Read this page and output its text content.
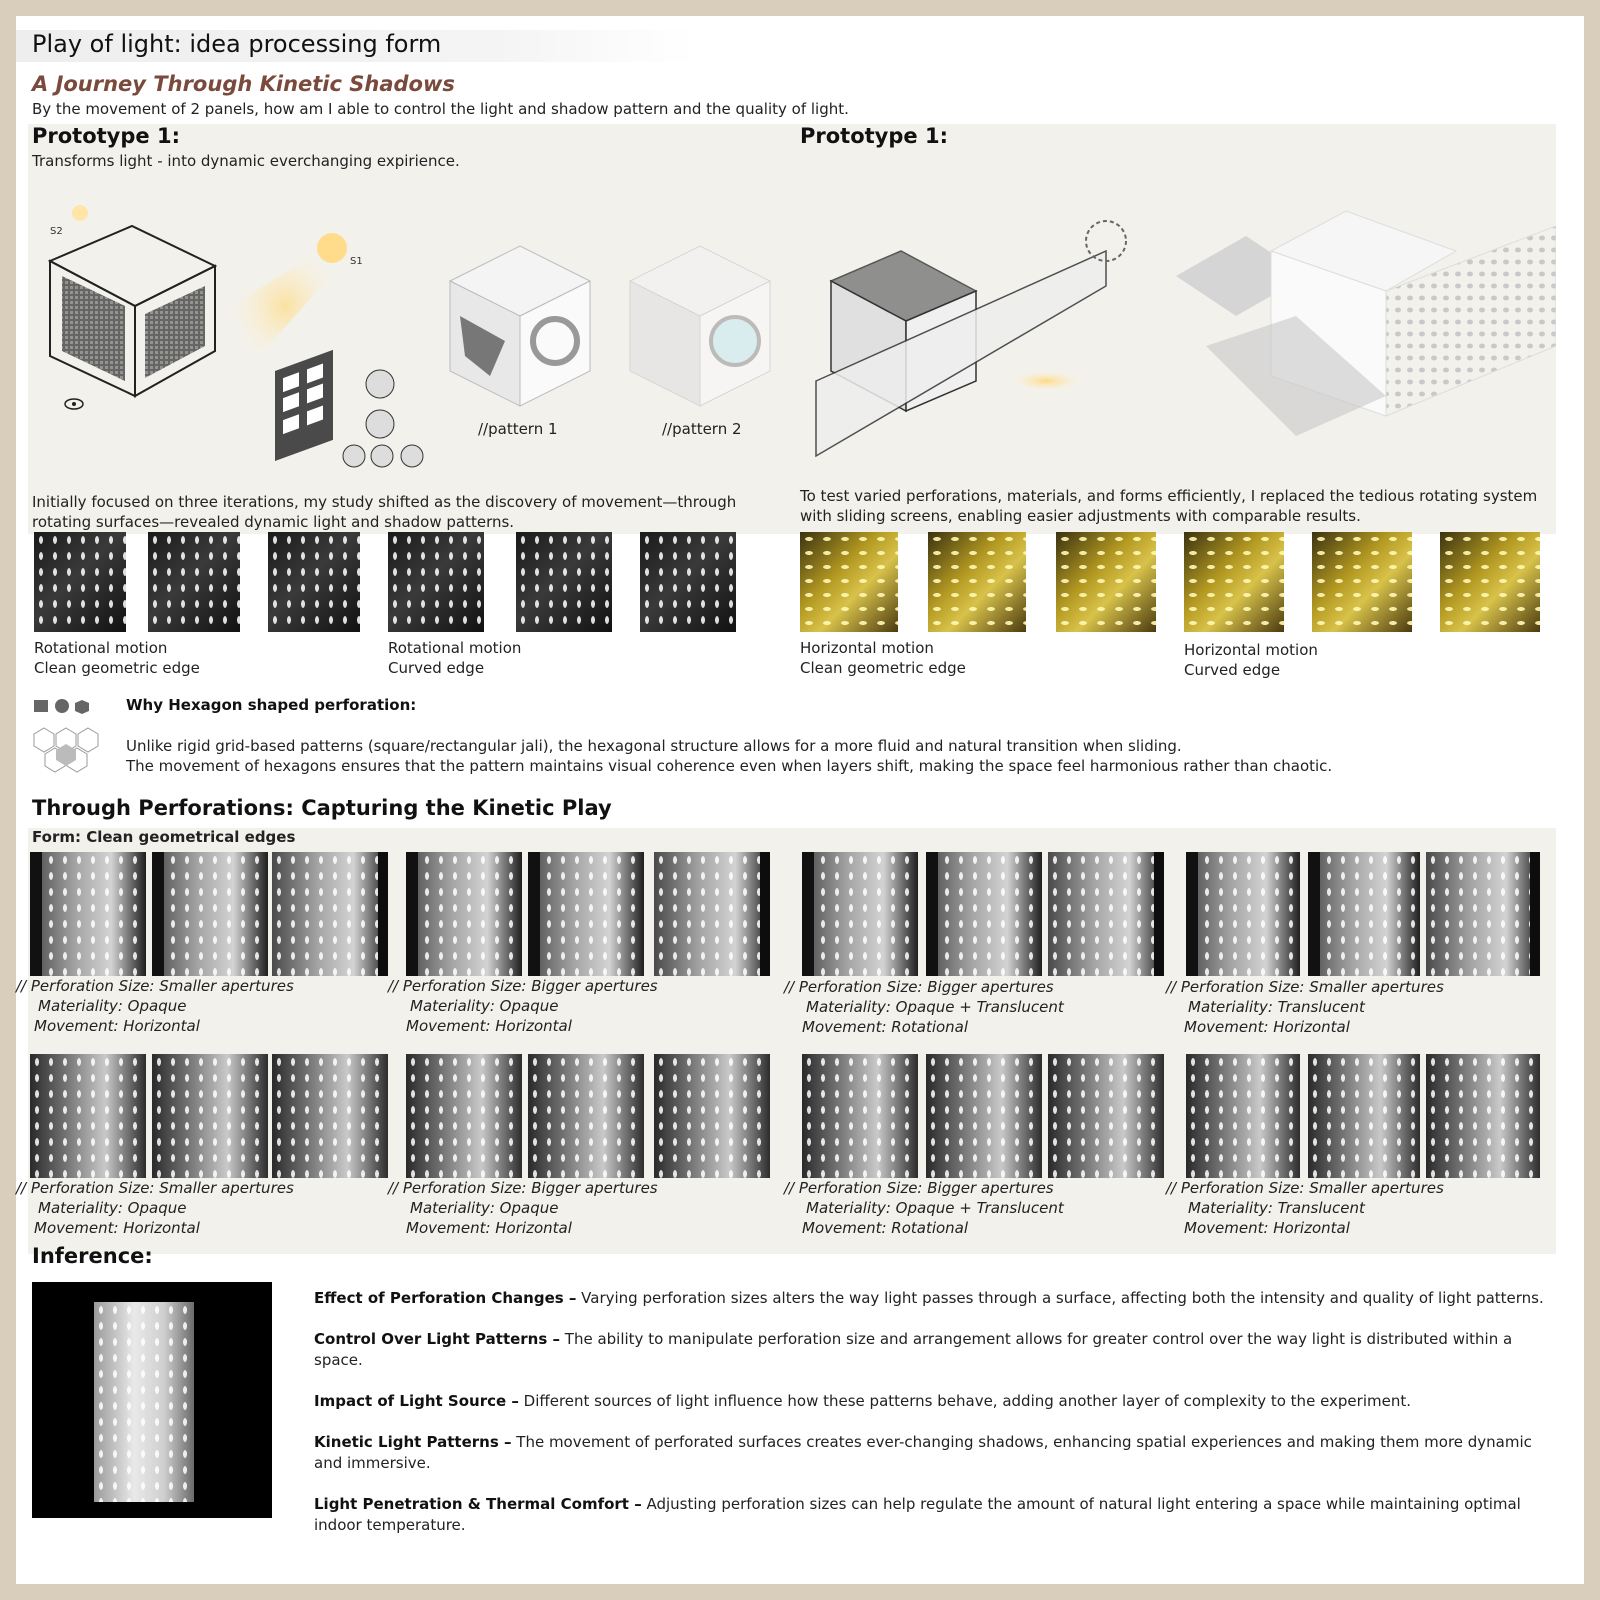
Play of light: idea processing form
A Journey Through Kinetic Shadows
By the movement of 2 panels, how am I able to control the light and shadow pattern and the quality of light.
Prototype 1:
Transforms light - into dynamic everchanging expirience.
S2
S1
//pattern 1	//pattern 2
Initially focused on three iterations, my study shifted as the discovery of movement—through rotating surfaces—revealed dynamic light and shadow patterns.
Prototype 1:
To test varied perforations, materials, and forms efficiently, I replaced the tedious rotating system with sliding screens, enabling easier adjustments with comparable results.
Rotational motion
Clean geometric edge
Rotational motion
Curved edge
Horizontal motion
Clean geometric edge
Horizontal motion
Curved edge
Why Hexagon shaped perforation:
Unlike rigid grid-based patterns (square/rectangular jali), the hexagonal structure allows for a more fluid and natural transition when sliding.
The movement of hexagons ensures that the pattern maintains visual coherence even when layers shift, making the space feel harmonious rather than chaotic.
Through Perforations: Capturing the Kinetic Play
Form: Clean geometrical edges
// Perforation Size: Smaller apertures
Materiality: Opaque
Movement: Horizontal
// Perforation Size: Bigger apertures
Materiality: Opaque
Movement: Horizontal
// Perforation Size: Bigger apertures
Materiality: Opaque + Translucent
Movement: Rotational
// Perforation Size: Smaller apertures
Materiality: Translucent
Movement: Horizontal
// Perforation Size: Smaller apertures
Materiality: Opaque
Movement: Horizontal
// Perforation Size: Bigger apertures
Materiality: Opaque
Movement: Horizontal
// Perforation Size: Bigger apertures
Materiality: Opaque + Translucent
Movement: Rotational
// Perforation Size: Smaller apertures
Materiality: Translucent
Movement: Horizontal
Inference:

Effect of Perforation Changes – Varying perforation sizes alters the way light passes through a surface, affecting both the intensity and quality of light patterns.

Control Over Light Patterns – The ability to manipulate perforation size and arrangement allows for greater control over the way light is distributed within a space.

Impact of Light Source – Different sources of light influence how these patterns behave, adding another layer of complexity to the experiment.

Kinetic Light Patterns – The movement of perforated surfaces creates ever-changing shadows, enhancing spatial experiences and making them more dynamic and immersive.

Light Penetration & Thermal Comfort – Adjusting perforation sizes can help regulate the amount of natural light entering a space while maintaining optimal indoor temperature.
